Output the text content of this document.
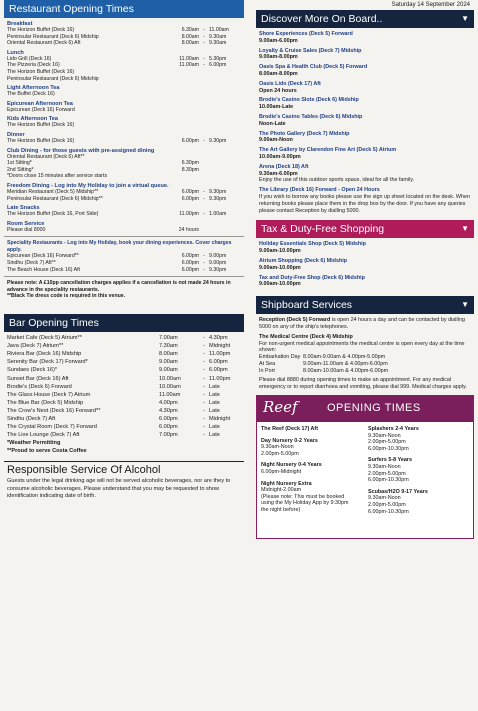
Restaurant Opening Times
Breakfast
The Horizon Buffet (Deck 16)	6.30am - 11.00am
Peninsular Restaurant (Deck 6) Midship	8.00am - 9.30am
Oriental Restaurant (Deck 6) Aft	8.00am - 9.30am
Lunch
Lido Grill (Deck 16)	11.00am - 5.30pm
The Pizzeria (Deck 16)	11.00am - 6.00pm
The Horizon Buffet (Deck 16)
Peninsular Restaurant (Deck 6) Midship
Light Afternoon Tea
The Buffet (Deck 16)
Epicurean Afternoon Tea
Epicurean (Deck 16) Forward
Kids Afternoon Tea
The Horizon Buffet (Deck 16)
Dinner
The Horizon Buffet (Deck 16)	6.00pm - 9.30pm
Club Dining - for those guests with pre-assigned dining
Oriental Restaurant (Deck 6) Aft**
1st Sitting*	6.30pm
2nd Sitting*	8.30pm
*Doors close 15 minutes after service starts
Freedom Dining - Log into My Holiday to join a virtual queue.
Meridian Restaurant (Deck 5) Midship**	6.00pm - 9.30pm
Peninsular Restaurant (Deck 6) Midship**	6.00pm - 9.30pm
Late Snacks
The Horizon Buffet (Deck 16, Port Side)	11.00pm - 1.00am
Room Service
Please dial 8000	24 hours
Speciality Restaurants - Log into My Holiday, book your dining experiences. Cover charges apply.
Epicurean (Deck 16) Forward**	6.00pm - 9.00pm
Sindhu (Deck 7) Aft**	6.00pm - 9.00pm
The Beach House (Deck 16) Aft	6.00pm - 9.30pm
Please note: A £10pp cancellation charges applies if a cancellation is not made 24 hours in advance in the speciality restaurants.
**Black Tie dress code is required in this venue.
Bar Opening Times
Market Cafe (Deck 5) Atrium**	7.00am	- 4.30pm
Java (Deck 7) Atrium**	7.30am	- Midnight
Riviera Bar (Deck 16) Midship	8.00am	- 11.00pm
Serenity Bar (Deck 17) Forward*	9.00am	- 6.00pm
Sundaes (Deck 16)*	9.00am	- 6.00pm
Sunset Bar (Deck 16) Aft	10.00am	- 11.00pm
Brodie's (Deck 6) Forward	10.00am	- Late
The Glass House (Deck 7) Atrium	11.00am	- Late
The Blue Bar (Deck 5) Midship	4.00pm	- Late
The Crow's Nest (Deck 16) Forward**	4.30pm	- Late
Sindhu (Deck 7) Aft	6.00pm	- Midnight
The Crystal Room (Deck 7) Forward	6.00pm	- Late
The Live Lounge (Deck 7) Aft	7.00pm	- Late
*Weather Permitting
**Proud to serve Costa Coffee
Responsible Service Of Alcohol
Guests under the legal drinking age will not be served alcoholic beverages, nor are they to consume alcoholic beverages. Please understand that you may be requested to show identification indicating date of birth.
Saturday 14 September 2024
Discover More On Board..	▼
Shore Experiences (Deck 5) Forward
9.00am-6.00pm
Loyalty & Cruise Sales (Deck 7) Midship
9.00am-8.00pm
Oasis Spa & Health Club (Deck 5) Forward
8.00am-8.00pm
Oasis Lido (Deck 17) Aft
Open 24 hours
Brodie's Casino Slots (Deck 6) Midship
10.00am-Late
Brodie's Casino Tables (Deck 6) Midship
Noon-Late
The Photo Gallery (Deck 7) Midship
9.00am-Noon
The Art Gallery by Clarendon Fine Art (Deck 5) Atrium
10.00am-9.00pm
Arena (Deck 18) Aft
9.30am-6.00pm
Enjoy the use of this outdoor sports space, ideal for all the family.
The Library (Deck 16) Forward - Open 24 Hours
If you wish to borrow any books please use the sign up sheet located on the desk. When returning books please place them in the drop box by the door. If you have any queries please contact Reception by dialling 5000.
Tax & Duty-Free Shopping	▼
Holiday Essentials Shop (Deck 5) Midship
9.00am-10.00pm
Atrium Shopping (Deck 6) Midship
9.00am-10.00pm
Tax and Duty-Free Shop (Deck 6) Midship
9.00am-10.00pm
Shipboard Services	▼
Reception (Deck 5) Forward is open 24 hours a day and can be contacted by dialling 5000 on any of the ship's telephones.
The Medical Centre (Deck 4) Midship
For non-urgent medical appointments the medical centre is open every day at the time shown:
Embarkation Day 8.00am-9.00am & 4.00pm-5.00pm
At Sea	9.00am-11.00am & 4.00pm-6.00pm
In Port	8.00am-10.00am & 4.00pm-6.00pm
Please dial 8880 during opening times to make an appointment. For any medical emergency or to report diarrhoea and vomiting, please dial 999. Medical charges apply.
Reef	OPENING TIMES
The Reef (Deck 17) Aft
Day Nursery 0-2 Years
9.30am-Noon
2.00pm-5.00pm
Night Nursery 0-4 Years
6.00pm-Midnight
Night Nursery Extra
Midnight-2.00am
(Please note: This must be booked
using the My Holiday App by 9:30pm
the night before)
Splashers 2-4 Years
9.30am-Noon
2.00pm-5.00pm
6.00pm-10.30pm
Surfers 5-8 Years
9.30am-Noon
2.00pm-5.00pm
6.00pm-10.30pm
Scubas/H2O 9-17 Years
9.30am-Noon
2.00pm-5.00pm
6.00pm-10.30pm
